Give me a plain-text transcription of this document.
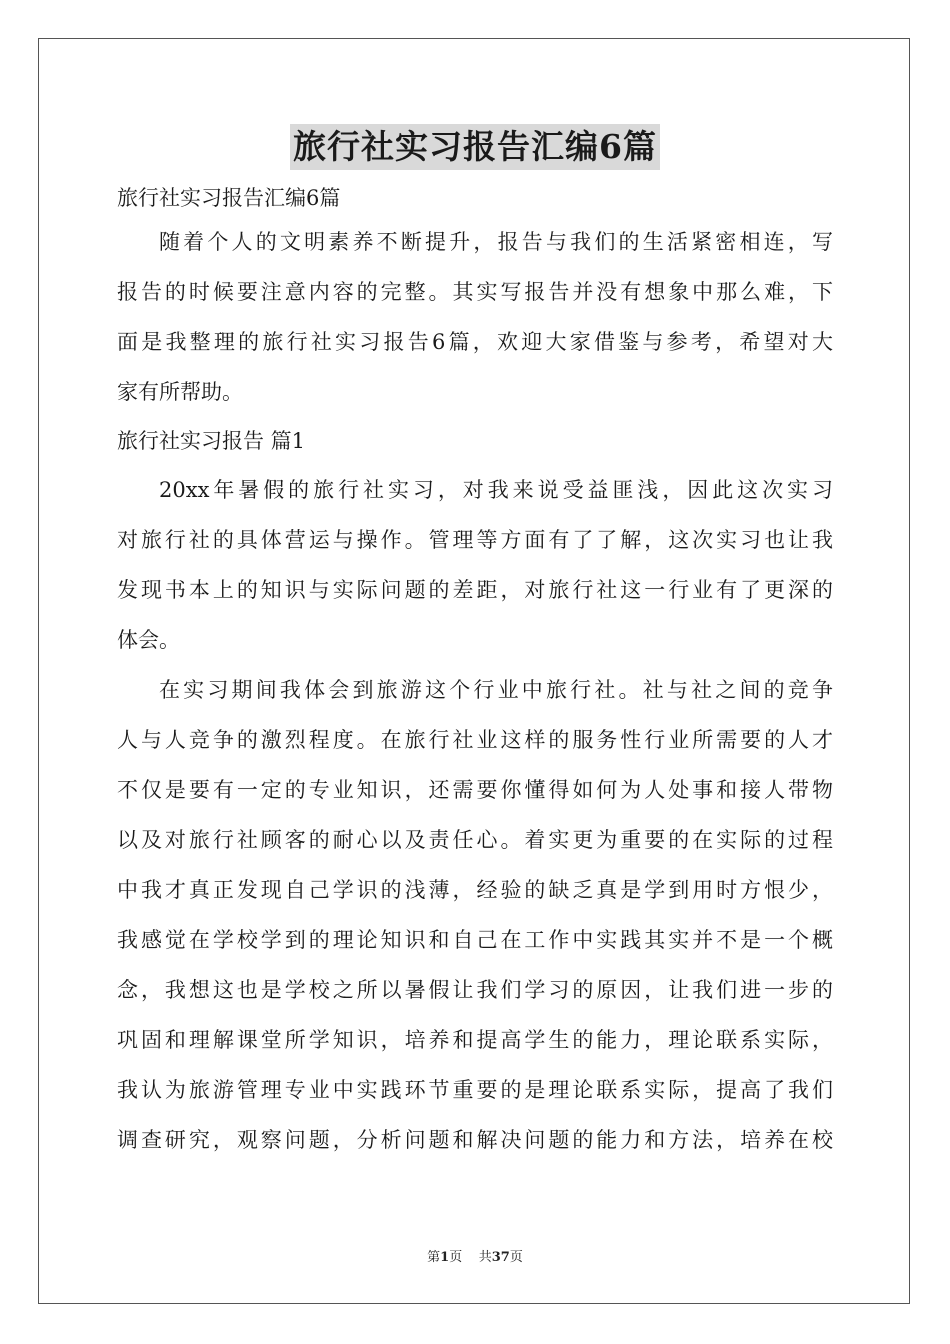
旅行社实习报告汇编6篇

旅行社实习报告汇编6篇

随着个人的文明素养不断提升，报告与我们的生活紧密相连，写

报告的时候要注意内容的完整。其实写报告并没有想象中那么难，下

面是我整理的旅行社实习报告6篇，欢迎大家借鉴与参考，希望对大

家有所帮助。

旅行社实习报告 篇1

20xx年暑假的旅行社实习，对我来说受益匪浅，因此这次实习

对旅行社的具体营运与操作。管理等方面有了了解，这次实习也让我

发现书本上的知识与实际问题的差距，对旅行社这一行业有了更深的

体会。

在实习期间我体会到旅游这个行业中旅行社。社与社之间的竞争

人与人竞争的激烈程度。在旅行社业这样的服务性行业所需要的人才

不仅是要有一定的专业知识，还需要你懂得如何为人处事和接人带物

以及对旅行社顾客的耐心以及责任心。着实更为重要的在实际的过程

中我才真正发现自己学识的浅薄，经验的缺乏真是学到用时方恨少，

我感觉在学校学到的理论知识和自己在工作中实践其实并不是一个概

念，我想这也是学校之所以暑假让我们学习的原因，让我们进一步的

巩固和理解课堂所学知识，培养和提高学生的能力，理论联系实际，

我认为旅游管理专业中实践环节重要的是理论联系实际，提高了我们

调查研究，观察问题，分析问题和解决问题的能力和方法，培养在校

第1页 共37页
